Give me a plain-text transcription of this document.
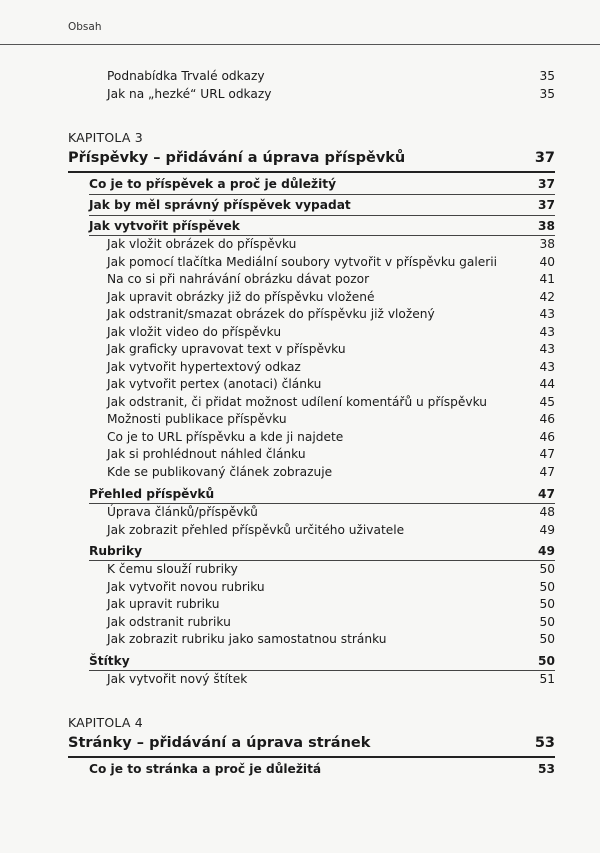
Obsah
Podnabídka Trvalé odkazy	35
Jak na „hezké“ URL odkazy	35
KAPITOLA 3
Příspěvky – přidávání a úprava příspěvků	37
Co je to příspěvek a proč je důležitý	37
Jak by měl správný příspěvek vypadat	37
Jak vytvořit příspěvek	38
Jak vložit obrázek do příspěvku	38
Jak pomocí tlačítka Mediální soubory vytvořit v příspěvku galerii	40
Na co si při nahrávání obrázku dávat pozor	41
Jak upravit obrázky již do příspěvku vložené	42
Jak odstranit/smazat obrázek do příspěvku již vložený	43
Jak vložit video do příspěvku	43
Jak graficky upravovat text v příspěvku	43
Jak vytvořit hypertextový odkaz	43
Jak vytvořit pertex (anotaci) článku	44
Jak odstranit, či přidat možnost udílení komentářů u příspěvku	45
Možnosti publikace příspěvku	46
Co je to URL příspěvku a kde ji najdete	46
Jak si prohlédnout náhled článku	47
Kde se publikovaný článek zobrazuje	47
Přehled příspěvků	47
Úprava článků/příspěvků	48
Jak zobrazit přehled příspěvků určitého uživatele	49
Rubriky	49
K čemu slouží rubriky	50
Jak vytvořit novou rubriku	50
Jak upravit rubriku	50
Jak odstranit rubriku	50
Jak zobrazit rubriku jako samostatnou stránku	50
Štítky	50
Jak vytvořit nový štítek	51
KAPITOLA 4
Stránky – přidávání a úprava stránek	53
Co je to stránka a proč je důležitá	53
